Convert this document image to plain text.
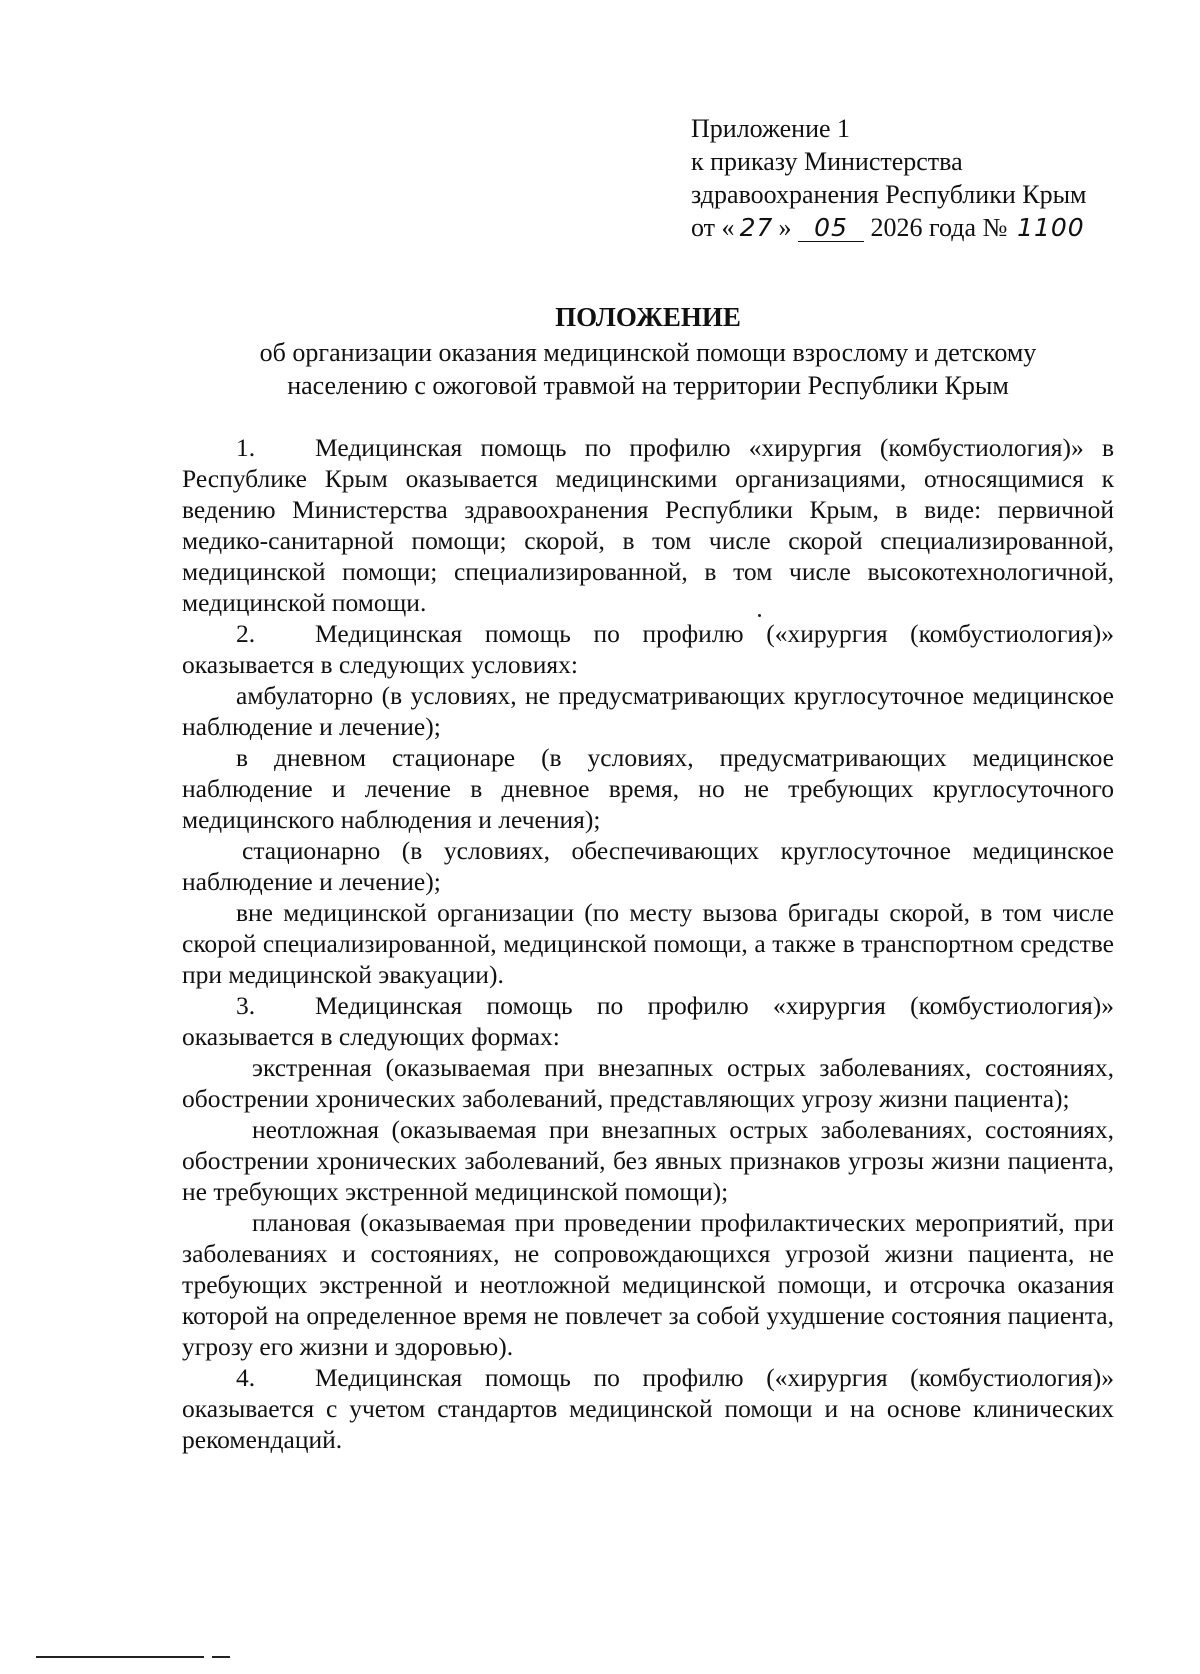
Приложение 1
к приказу Министерства
здравоохранения Республики Крым
от « 27 » 05 2026 года № 1100
ПОЛОЖЕНИЕ
об организации оказания медицинской помощи взрослому и детскому
населению с ожоговой травмой на территории Республики Крым

1. Медицинская помощь по профилю «хирургия (комбустиология)» в Республике Крым оказывается медицинскими организациями, относящимися к ведению Министерства здравоохранения Республики Крым, в виде: первичной медико-санитарной помощи; скорой, в том числе скорой специализированной, медицинской помощи; специализированной, в том числе высокотехнологичной, медицинской помощи.

2. Медицинская помощь по профилю («хирургия (комбустиология)» оказывается в следующих условиях:

амбулаторно (в условиях, не предусматривающих круглосуточное медицинское наблюдение и лечение);

в дневном стационаре (в условиях, предусматривающих медицинское наблюдение и лечение в дневное время, но не требующих круглосуточного медицинского наблюдения и лечения);

стационарно (в условиях, обеспечивающих круглосуточное медицинское наблюдение и лечение);

вне медицинской организации (по месту вызова бригады скорой, в том числе скорой специализированной, медицинской помощи, а также в транспортном средстве при медицинской эвакуации).

3. Медицинская помощь по профилю «хирургия (комбустиология)» оказывается в следующих формах:

экстренная (оказываемая при внезапных острых заболеваниях, состояниях, обострении хронических заболеваний, представляющих угрозу жизни пациента);

неотложная (оказываемая при внезапных острых заболеваниях, состояниях, обострении хронических заболеваний, без явных признаков угрозы жизни пациента, не требующих экстренной медицинской помощи);

плановая (оказываемая при проведении профилактических мероприятий, при заболеваниях и состояниях, не сопровождающихся угрозой жизни пациента, не требующих экстренной и неотложной медицинской помощи, и отсрочка оказания которой на определенное время не повлечет за собой ухудшение состояния пациента, угрозу его жизни и здоровью).

4. Медицинская помощь по профилю («хирургия (комбустиология)» оказывается с учетом стандартов медицинской помощи и на основе клинических рекомендаций.
